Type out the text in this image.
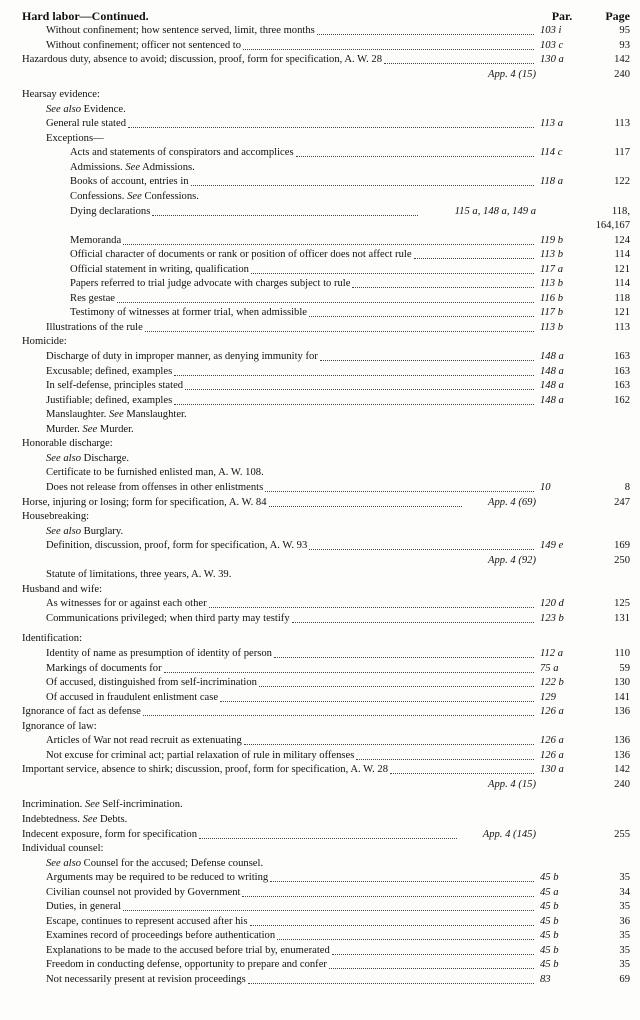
Hard labor—Continued.	Par.	Page
Without confinement; how sentence served, limit, three months	103 i	95
Without confinement; officer not sentenced to	103 c	93
Hazardous duty, absence to avoid; discussion, proof, form for specification, A. W. 28	130 a	142
App. 4 (15)	240
Hearsay evidence:
See also Evidence.
General rule stated	113 a	113
Exceptions—
Acts and statements of conspirators and accomplices	114 c	117
Admissions. See Admissions.
Books of account, entries in	118 a	122
Confessions. See Confessions.
Dying declarations	115 a, 148 a, 149 a	118,
164,167
Memoranda	119 b	124
Official character of documents or rank or position of officer does not affect rule	113 b	114
Official statement in writing, qualification	117 a	121
Papers referred to trial judge advocate with charges subject to rule	113 b	114
Res gestae	116 b	118
Testimony of witnesses at former trial, when admissible	117 b	121
Illustrations of the rule	113 b	113
Homicide:
Discharge of duty in improper manner, as denying immunity for	148 a	163
Excusable; defined, examples	148 a	163
In self-defense, principles stated	148 a	163
Justifiable; defined, examples	148 a	162
Manslaughter. See Manslaughter.
Murder. See Murder.
Honorable discharge:
See also Discharge.
Certificate to be furnished enlisted man, A. W. 108.
Does not release from offenses in other enlistments	10	8
Horse, injuring or losing; form for specification, A. W. 84	App. 4 (69)	247
Housebreaking:
See also Burglary.
Definition, discussion, proof, form for specification, A. W. 93	149 e	169
App. 4 (92)	250
Statute of limitations, three years, A. W. 39.
Husband and wife:
As witnesses for or against each other	120 d	125
Communications privileged; when third party may testify	123 b	131
Identification:
Identity of name as presumption of identity of person	112 a	110
Markings of documents for	75 a	59
Of accused, distinguished from self-incrimination	122 b	130
Of accused in fraudulent enlistment case	129	141
Ignorance of fact as defense	126 a	136
Ignorance of law:
Articles of War not read recruit as extenuating	126 a	136
Not excuse for criminal act; partial relaxation of rule in military offenses	126 a	136
Important service, absence to shirk; discussion, proof, form for specification, A. W. 28	130 a	142
App. 4 (15)	240
Incrimination. See Self-incrimination.
Indebtedness. See Debts.
Indecent exposure, form for specification	App. 4 (145)	255
Individual counsel:
See also Counsel for the accused; Defense counsel.
Arguments may be required to be reduced to writing	45 b	35
Civilian counsel not provided by Government	45 a	34
Duties, in general	45 b	35
Escape, continues to represent accused after his	45 b	36
Examines record of proceedings before authentication	45 b	35
Explanations to be made to the accused before trial by, enumerated	45 b	35
Freedom in conducting defense, opportunity to prepare and confer	45 b	35
Not necessarily present at revision proceedings	83	69
